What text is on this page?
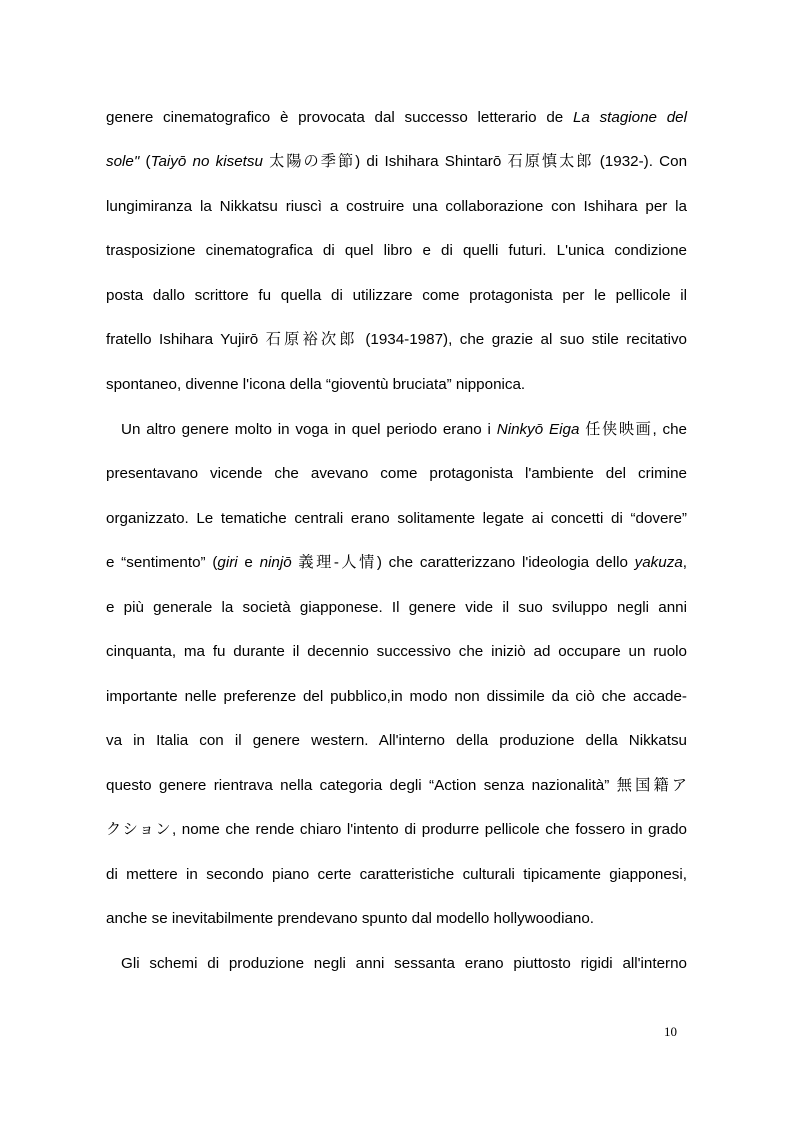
genere cinematografico è provocata dal successo letterario de La stagione del

sole" (Taiyō no kisetsu 太陽の季節) di Ishihara Shintarō 石原慎太郎 (1932-). Con

lungimiranza la Nikkatsu riuscì a costruire una collaborazione con Ishihara per la

trasposizione cinematografica di quel libro e di quelli futuri. L'unica condizione

posta dallo scrittore fu quella di utilizzare come protagonista per le pellicole il

fratello Ishihara Yujirō 石原裕次郎 (1934-1987), che grazie al suo stile recitativo

spontaneo, divenne l'icona della “gioventù bruciata” nipponica.

Un altro genere molto in voga in quel periodo erano i Ninkyō Eiga 任侠映画, che

presentavano vicende che avevano come protagonista l'ambiente del crimine

organizzato. Le tematiche centrali erano solitamente legate ai concetti di “dovere”

e “sentimento” (giri e ninjō 義理-人情) che caratterizzano l'ideologia dello yakuza,

e più generale la società giapponese. Il genere vide il suo sviluppo negli anni

cinquanta, ma fu durante il decennio successivo che iniziò ad occupare un ruolo

importante nelle preferenze del pubblico,in modo non dissimile da ciò che accade-

va in Italia con il genere western. All'interno della produzione della Nikkatsu

questo genere rientrava nella categoria degli “Action senza nazionalità” 無国籍ア

クション, nome che rende chiaro l'intento di produrre pellicole che fossero in grado

di mettere in secondo piano certe caratteristiche culturali tipicamente giapponesi,

anche se inevitabilmente prendevano spunto dal modello hollywoodiano.

Gli schemi di produzione negli anni sessanta erano piuttosto rigidi all'interno

10
